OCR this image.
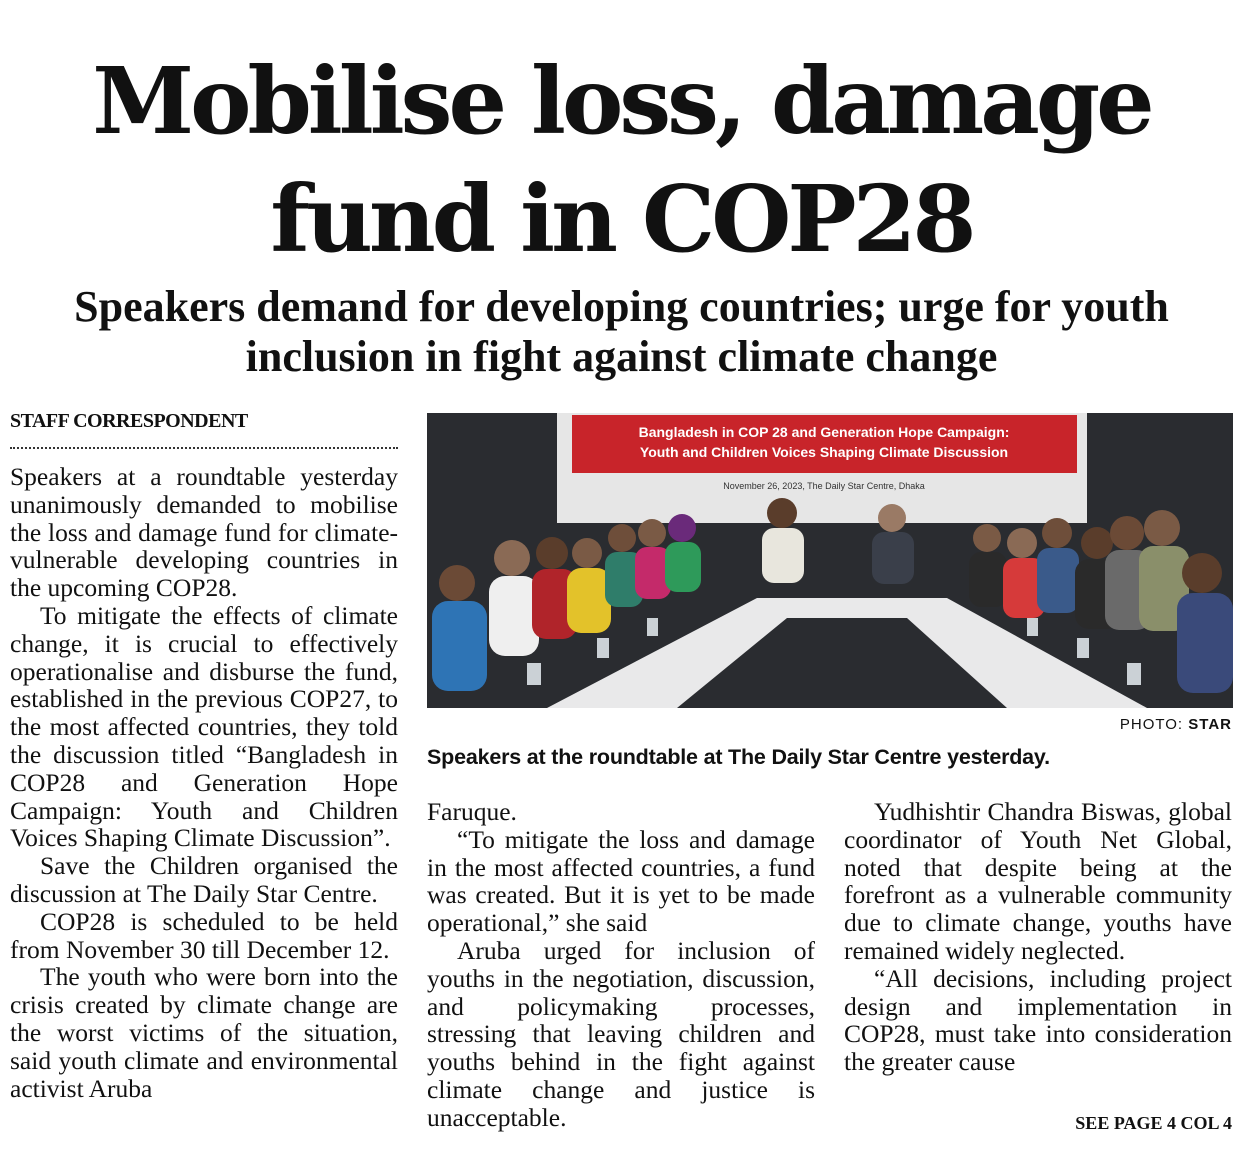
Mobilise loss, damage
fund in COP28
Speakers demand for developing countries; urge for youth
inclusion in fight against climate change
STAFF CORRESPONDENT

Speakers at a roundtable yesterday unanimously demanded to mobilise the loss and damage fund for climate-vulnerable developing countries in the upcoming COP28.

To mitigate the effects of climate change, it is crucial to effectively operationalise and disburse the fund, established in the previous COP27, to the most affected countries, they told the discussion titled “Bangladesh in COP28 and Generation Hope Campaign: Youth and Children Voices Shaping Climate Discussion”.

Save the Children organised the discussion at The Daily Star Centre.

COP28 is scheduled to be held from November 30 till December 12.

The youth who were born into the crisis created by climate change are the worst victims of the situation, said youth climate and environmental activist Aruba

Bangladesh in COP 28 and Generation Hope Campaign:
Youth and Children Voices Shaping Climate Discussion
November 26, 2023, The Daily Star Centre, Dhaka
PHOTO: STAR
Speakers at the roundtable at The Daily Star Centre yesterday.

Faruque.

“To mitigate the loss and damage in the most affected countries, a fund was created. But it is yet to be made operational,” she said

Aruba urged for inclusion of youths in the negotiation, discussion, and policymaking processes, stressing that leaving children and youths behind in the fight against climate change and justice is unacceptable.

Yudhishtir Chandra Biswas, global coordinator of Youth Net Global, noted that despite being at the forefront as a vulnerable community due to climate change, youths have remained widely neglected.

“All decisions, including project design and implementation in COP28, must take into consideration the greater cause

SEE PAGE 4 COL 4
